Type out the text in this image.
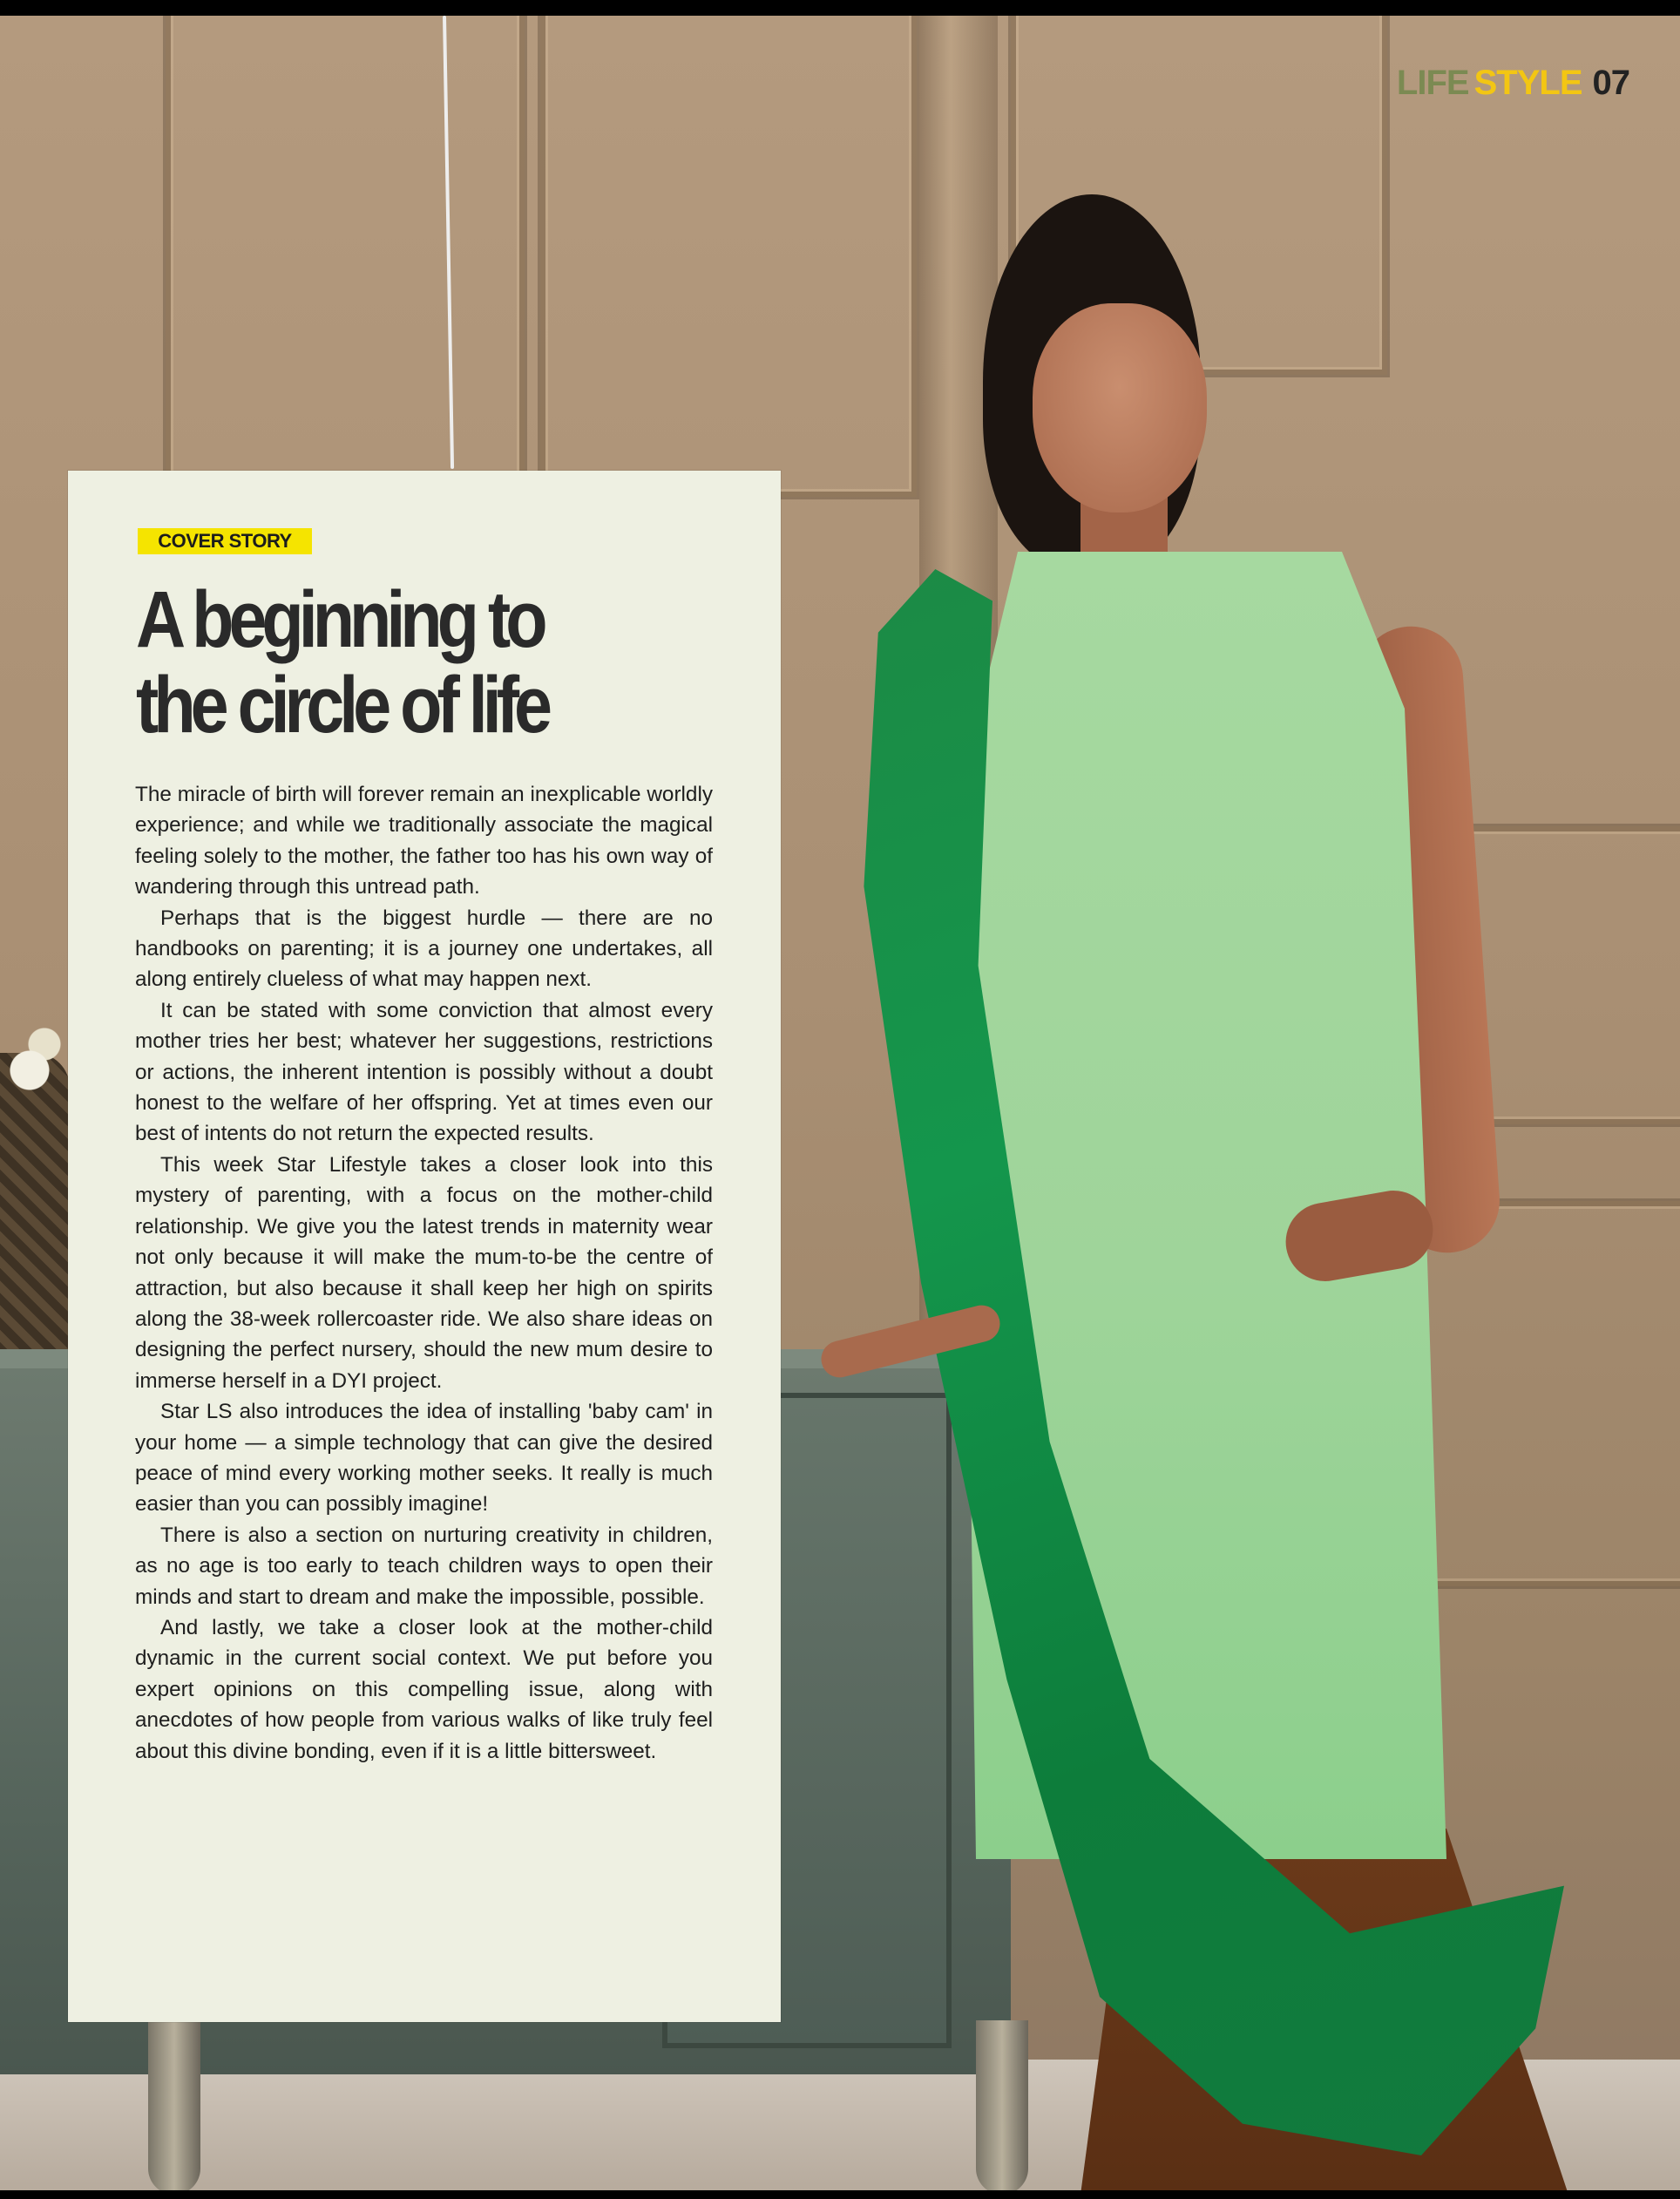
LIFE STYLE 07
COVER STORY
A beginning to the circle of life

The miracle of birth will forever remain an inexplicable worldly experience; and while we traditionally associate the magical feeling solely to the mother, the father too has his own way of wandering through this untread path.

Perhaps that is the biggest hurdle — there are no handbooks on parenting; it is a journey one undertakes, all along entirely clueless of what may happen next.

It can be stated with some conviction that almost every mother tries her best; whatever her suggestions, restrictions or actions, the inherent intention is possibly without a doubt honest to the welfare of her offspring. Yet at times even our best of intents do not return the expected results.

This week Star Lifestyle takes a closer look into this mystery of parenting, with a focus on the mother-child relationship. We give you the latest trends in maternity wear not only because it will make the mum-to-be the centre of attraction, but also because it shall keep her high on spirits along the 38-week rollercoaster ride. We also share ideas on designing the perfect nursery, should the new mum desire to immerse herself in a DYI project.

Star LS also introduces the idea of installing 'baby cam' in your home — a simple technology that can give the desired peace of mind every working mother seeks. It really is much easier than you can possibly imagine!

There is also a section on nurturing creativity in children, as no age is too early to teach children ways to open their minds and start to dream and make the impossible, possible.

And lastly, we take a closer look at the mother-child dynamic in the current social context. We put before you expert opinions on this compelling issue, along with anecdotes of how people from various walks of like truly feel about this divine bonding, even if it is a little bittersweet.
